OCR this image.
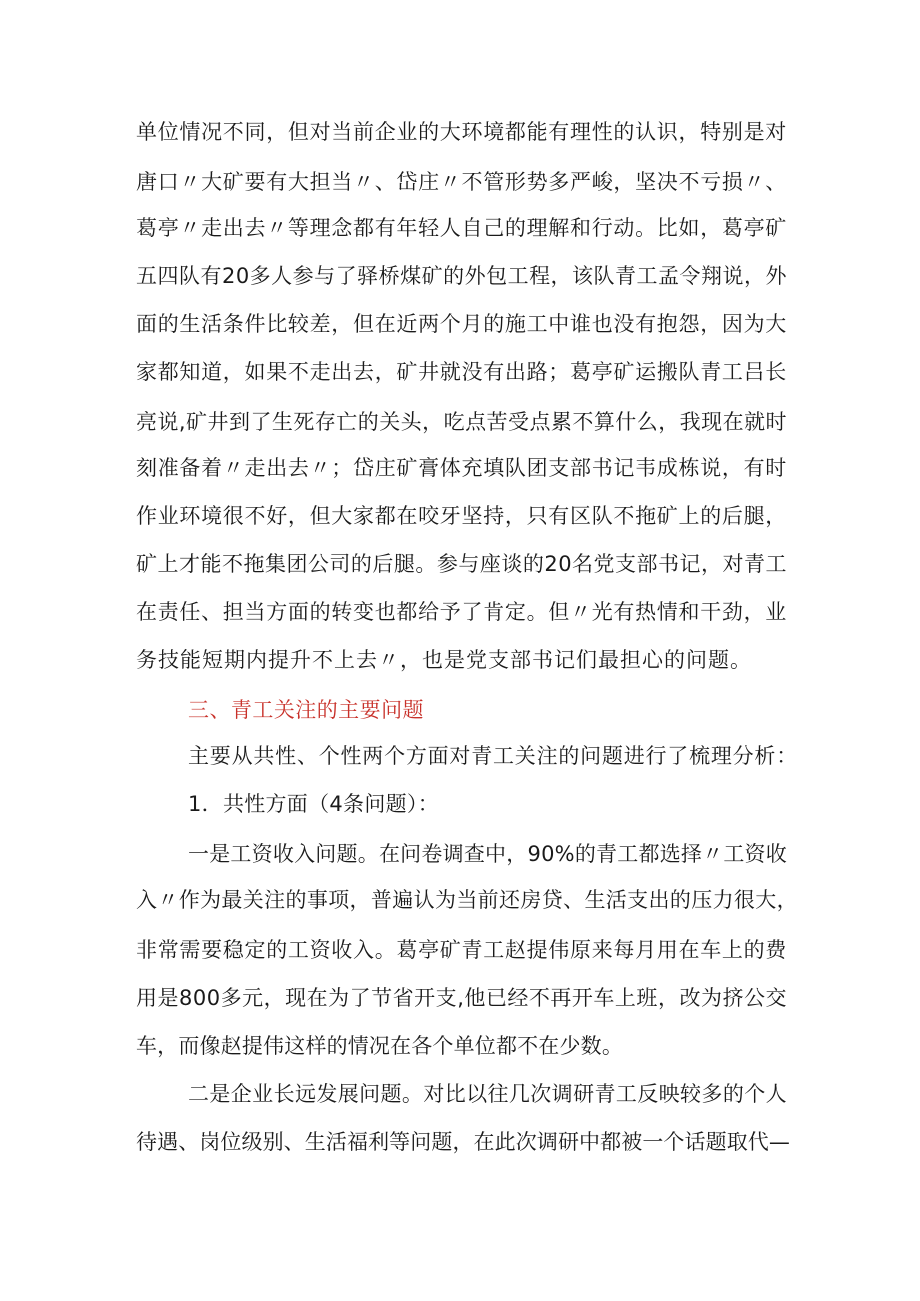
单位情况不同，但对当前企业的大环境都能有理性的认识，特别是对
唐口〃大矿要有大担当〃、岱庄〃不管形势多严峻，坚决不亏损〃、
葛亭〃走出去〃等理念都有年轻人自己的理解和行动。比如，葛亭矿
五四队有20多人参与了驿桥煤矿的外包工程，该队青工孟令翔说，外
面的生活条件比较差，但在近两个月的施工中谁也没有抱怨，因为大
家都知道，如果不走出去，矿井就没有出路；葛亭矿运搬队青工吕长
亮说,矿井到了生死存亡的关头，吃点苦受点累不算什么，我现在就时
刻准备着〃走出去〃；岱庄矿膏体充填队团支部书记韦成栋说，有时
作业环境很不好，但大家都在咬牙坚持，只有区队不拖矿上的后腿，
矿上才能不拖集团公司的后腿。参与座谈的20名党支部书记，对青工
在责任、担当方面的转变也都给予了肯定。但〃光有热情和干劲，业
务技能短期内提升不上去〃，也是党支部书记们最担心的问题。
三、青工关注的主要问题
主要从共性、个性两个方面对青工关注的问题进行了梳理分析：
1．共性方面（4条问题）：
一是工资收入问题。在问卷调查中，90%的青工都选择〃工资收
入〃作为最关注的事项，普遍认为当前还房贷、生活支出的压力很大，
非常需要稳定的工资收入。葛亭矿青工赵提伟原来每月用在车上的费
用是800多元，现在为了节省开支,他已经不再开车上班，改为挤公交
车，而像赵提伟这样的情况在各个单位都不在少数。
二是企业长远发展问题。对比以往几次调研青工反映较多的个人
待遇、岗位级别、生活福利等问题，在此次调研中都被一个话题取代—
